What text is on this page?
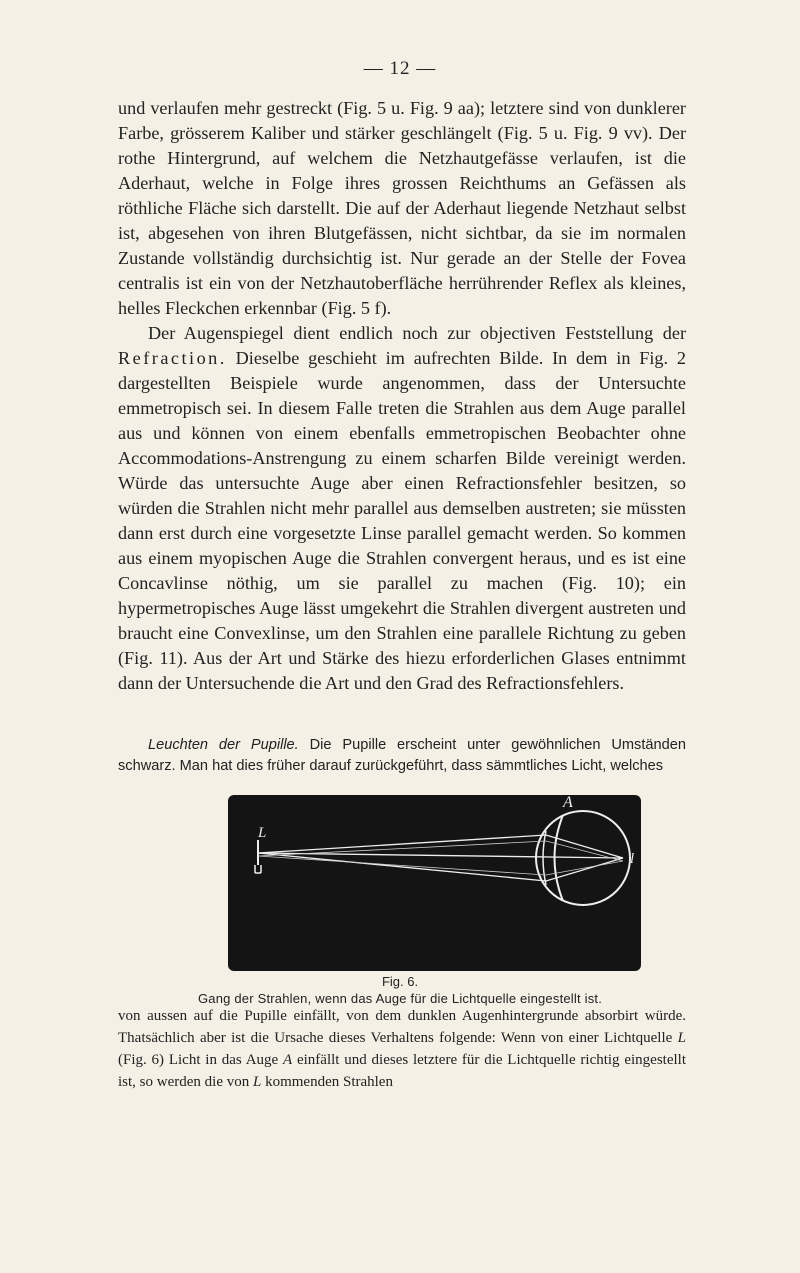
— 12 —

und verlaufen mehr gestreckt (Fig. 5 u. Fig. 9 aa); letztere sind von dunklerer Farbe, grösserem Kaliber und stärker geschlängelt (Fig. 5 u. Fig. 9 vv). Der rothe Hintergrund, auf welchem die Netzhautgefässe verlaufen, ist die Aderhaut, welche in Folge ihres grossen Reichthums an Gefässen als röthliche Fläche sich darstellt. Die auf der Aderhaut liegende Netzhaut selbst ist, abgesehen von ihren Blutgefässen, nicht sichtbar, da sie im normalen Zustande vollständig durchsichtig ist. Nur gerade an der Stelle der Fovea centralis ist ein von der Netzhautoberfläche herrührender Reflex als kleines, helles Fleckchen erkennbar (Fig. 5 f).

Der Augenspiegel dient endlich noch zur objectiven Feststellung der Refraction. Dieselbe geschieht im aufrechten Bilde. In dem in Fig. 2 dargestellten Beispiele wurde angenommen, dass der Untersuchte emmetropisch sei. In diesem Falle treten die Strahlen aus dem Auge parallel aus und können von einem ebenfalls emmetropischen Beobachter ohne Accommodations-Anstrengung zu einem scharfen Bilde vereinigt werden. Würde das untersuchte Auge aber einen Refractionsfehler besitzen, so würden die Strahlen nicht mehr parallel aus demselben austreten; sie müssten dann erst durch eine vorgesetzte Linse parallel gemacht werden. So kommen aus einem myopischen Auge die Strahlen convergent heraus, und es ist eine Concavlinse nöthig, um sie parallel zu machen (Fig. 10); ein hypermetropisches Auge lässt umgekehrt die Strahlen divergent austreten und braucht eine Convexlinse, um den Strahlen eine parallele Richtung zu geben (Fig. 11). Aus der Art und Stärke des hiezu erforderlichen Glases entnimmt dann der Untersuchende die Art und den Grad des Refractionsfehlers.

Leuchten der Pupille. Die Pupille erscheint unter gewöhnlichen Umständen schwarz. Man hat dies früher darauf zurückgeführt, dass sämmtliches Licht, welches

A
L
l
Fig. 6.
Gang der Strahlen, wenn das Auge für die Lichtquelle eingestellt ist.

von aussen auf die Pupille einfällt, von dem dunklen Augenhintergrunde absorbirt würde. Thatsächlich aber ist die Ursache dieses Verhaltens folgende: Wenn von einer Lichtquelle L (Fig. 6) Licht in das Auge A einfällt und dieses letztere für die Lichtquelle richtig eingestellt ist, so werden die von L kommenden Strahlen
